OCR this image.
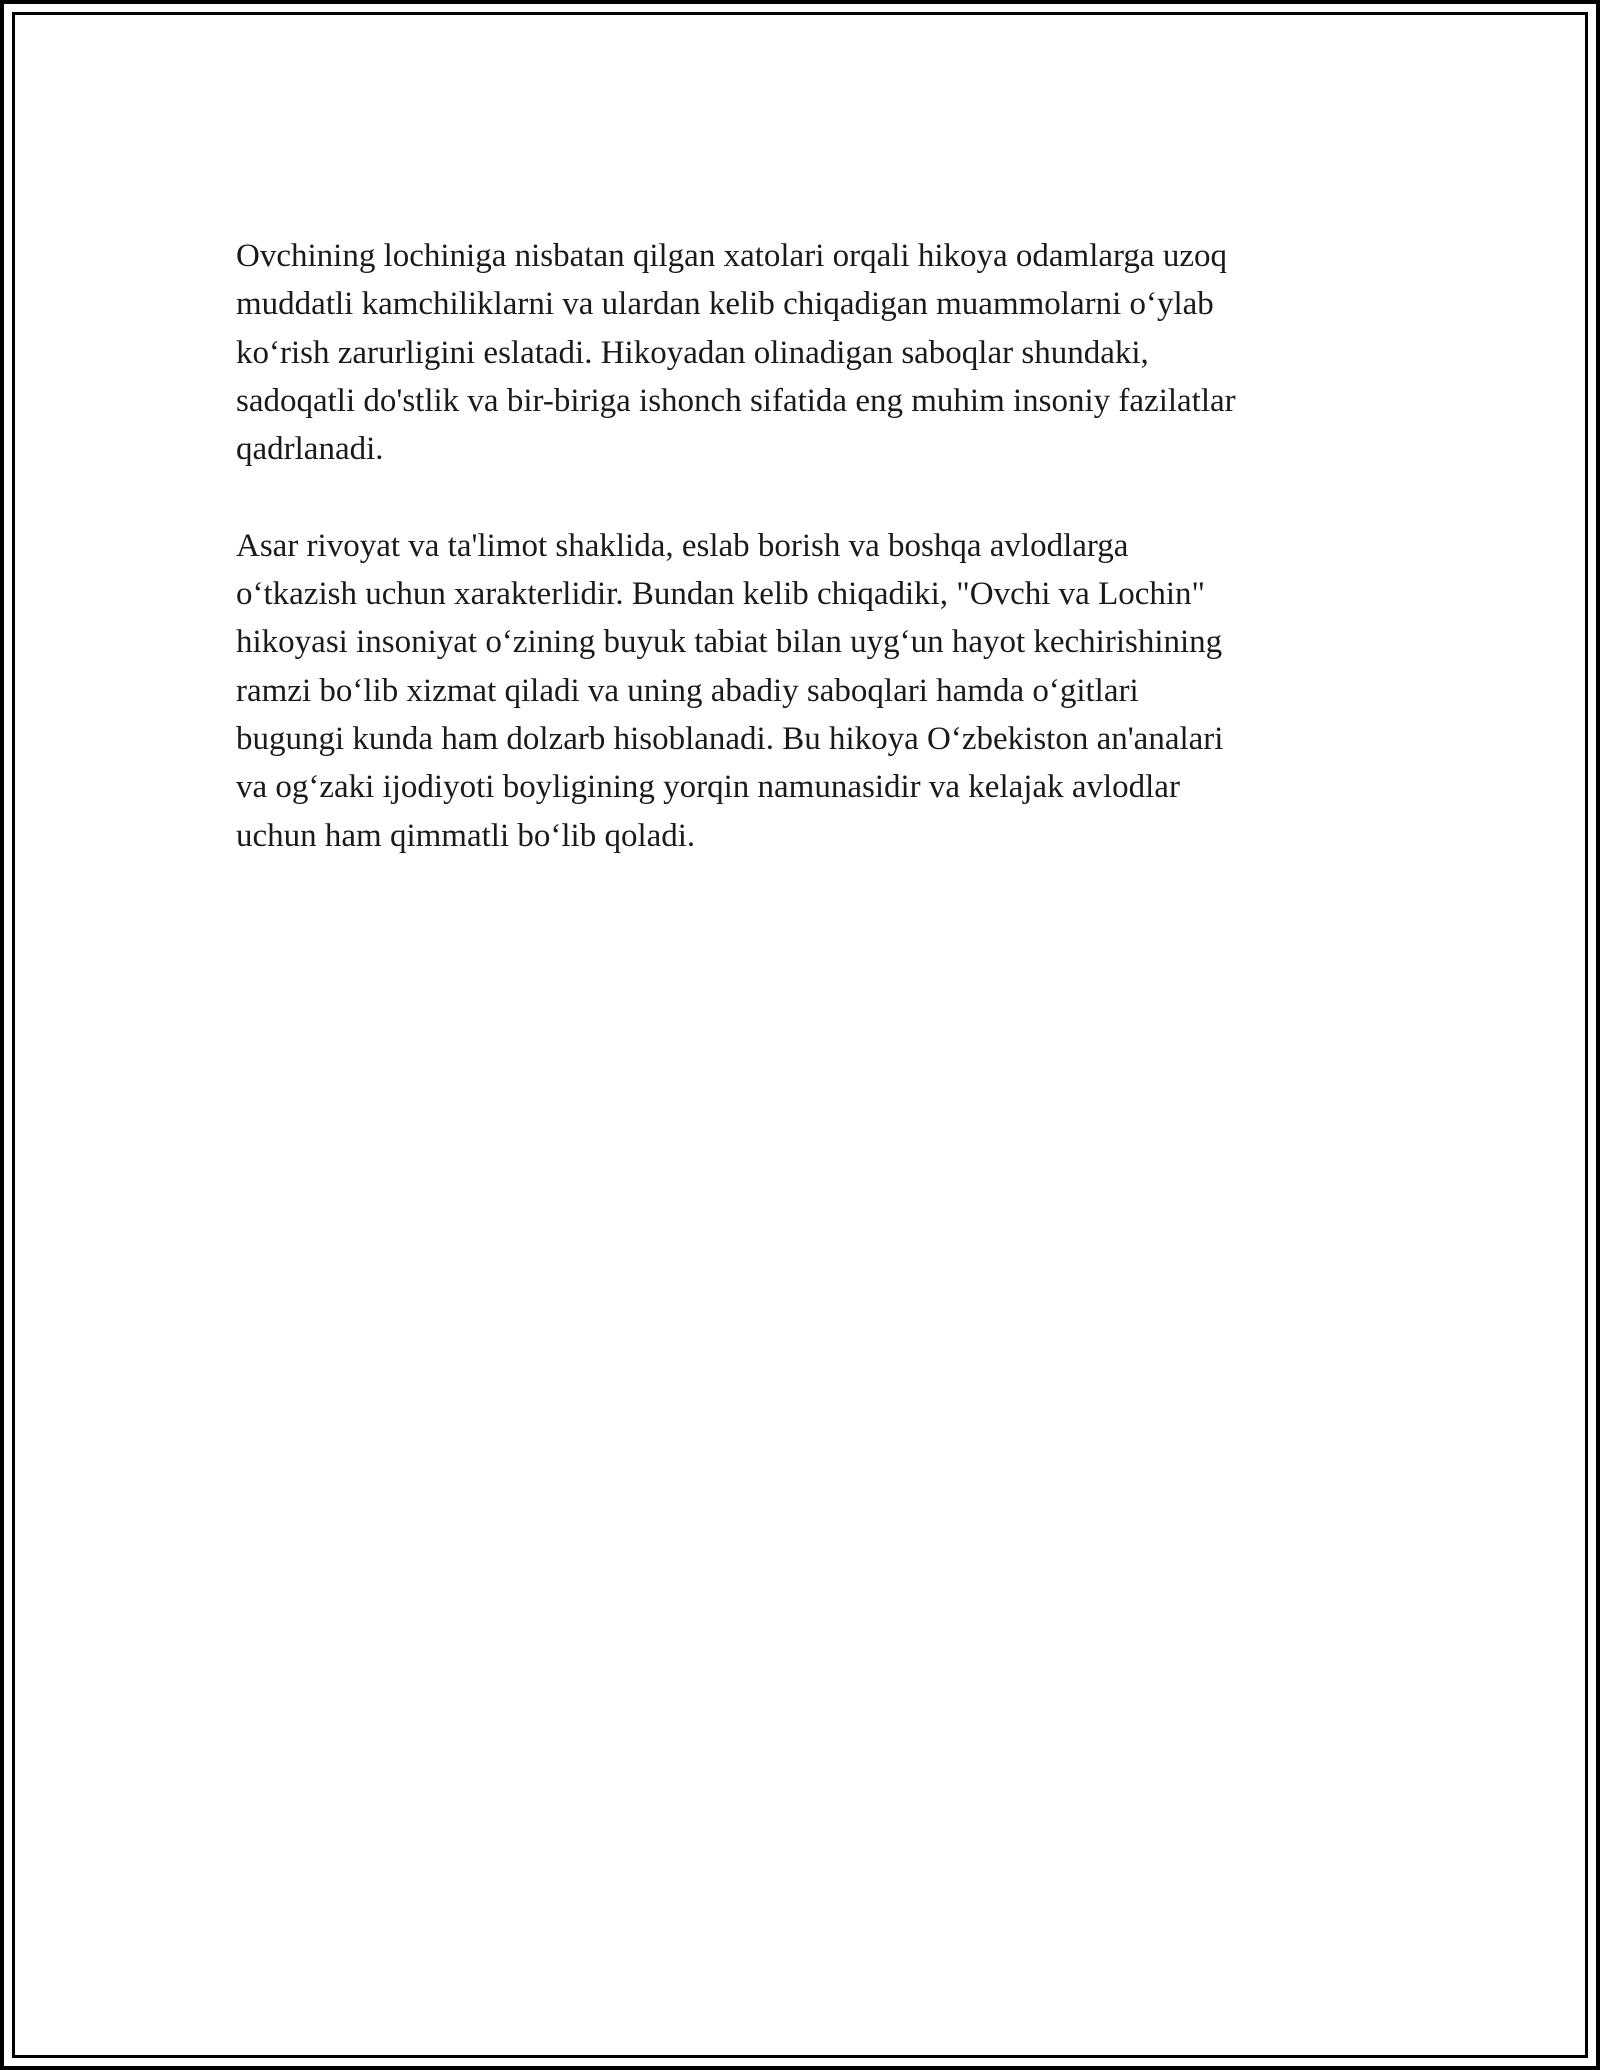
Ovchining lochiniga nisbatan qilgan xatolari orqali hikoya odamlarga uzoq
muddatli kamchiliklarni va ulardan kelib chiqadigan muammolarni o‘ylab
ko‘rish zarurligini eslatadi. Hikoyadan olinadigan saboqlar shundaki,
sadoqatli do'stlik va bir-biriga ishonch sifatida eng muhim insoniy fazilatlar
qadrlanadi.

Asar rivoyat va ta'limot shaklida, eslab borish va boshqa avlodlarga
o‘tkazish uchun xarakterlidir. Bundan kelib chiqadiki, "Ovchi va Lochin"
hikoyasi insoniyat o‘zining buyuk tabiat bilan uyg‘un hayot kechirishining
ramzi bo‘lib xizmat qiladi va uning abadiy saboqlari hamda o‘gitlari
bugungi kunda ham dolzarb hisoblanadi. Bu hikoya O‘zbekiston an'analari
va og‘zaki ijodiyoti boyligining yorqin namunasidir va kelajak avlodlar
uchun ham qimmatli bo‘lib qoladi.
